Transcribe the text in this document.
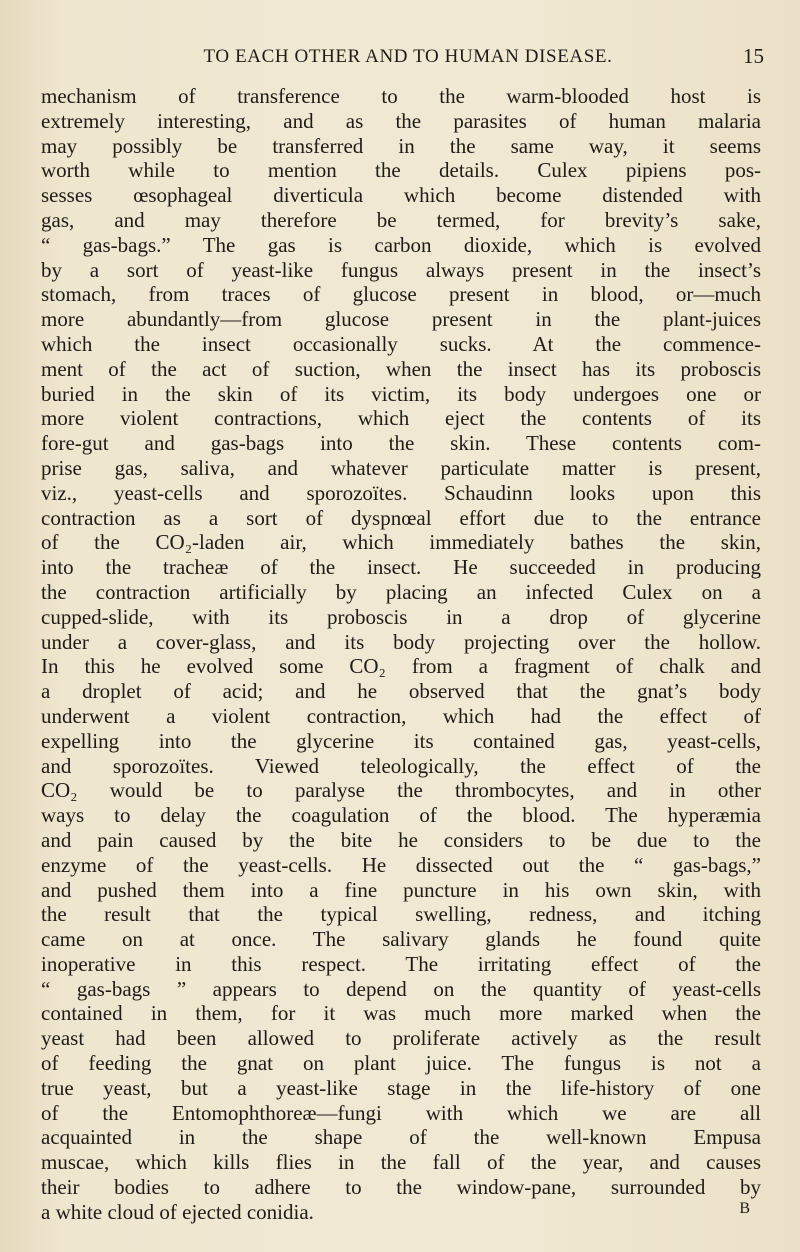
TO EACH OTHER AND TO HUMAN DISEASE.	15
mechanism of transference to the warm-blooded host is
extremely interesting, and as the parasites of human malaria
may possibly be transferred in the same way, it seems
worth while to mention the details. Culex pipiens pos-
sesses œsophageal diverticula which become distended with
gas, and may therefore be termed, for brevity’s sake,
“ gas-bags.” The gas is carbon dioxide, which is evolved
by a sort of yeast-like fungus always present in the insect’s
stomach, from traces of glucose present in blood, or—much
more abundantly—from glucose present in the plant-juices
which the insect occasionally sucks. At the commence-
ment of the act of suction, when the insect has its proboscis
buried in the skin of its victim, its body undergoes one or
more violent contractions, which eject the contents of its
fore-gut and gas-bags into the skin. These contents com-
prise gas, saliva, and whatever particulate matter is present,
viz., yeast-cells and sporozoïtes. Schaudinn looks upon this
contraction as a sort of dyspnœal effort due to the entrance
of the CO₂-laden air, which immediately bathes the skin,
into the tracheæ of the insect. He succeeded in producing
the contraction artificially by placing an infected Culex on a
cupped-slide, with its proboscis in a drop of glycerine
under a cover-glass, and its body projecting over the hollow.
In this he evolved some CO₂ from a fragment of chalk and
a droplet of acid; and he observed that the gnat’s body
underwent a violent contraction, which had the effect of
expelling into the glycerine its contained gas, yeast-cells,
and sporozoïtes. Viewed teleologically, the effect of the
CO₂ would be to paralyse the thrombocytes, and in other
ways to delay the coagulation of the blood. The hyperæmia
and pain caused by the bite he considers to be due to the
enzyme of the yeast-cells. He dissected out the “ gas-bags,”
and pushed them into a fine puncture in his own skin, with
the result that the typical swelling, redness, and itching
came on at once. The salivary glands he found quite
inoperative in this respect. The irritating effect of the
“ gas-bags ” appears to depend on the quantity of yeast-cells
contained in them, for it was much more marked when the
yeast had been allowed to proliferate actively as the result
of feeding the gnat on plant juice. The fungus is not a
true yeast, but a yeast-like stage in the life-history of one
of the Entomophthoreæ—fungi with which we are all
acquainted in the shape of the well-known Empusa
muscae, which kills flies in the fall of the year, and causes
their bodies to adhere to the window-pane, surrounded by
a white cloud of ejected conidia.	B
